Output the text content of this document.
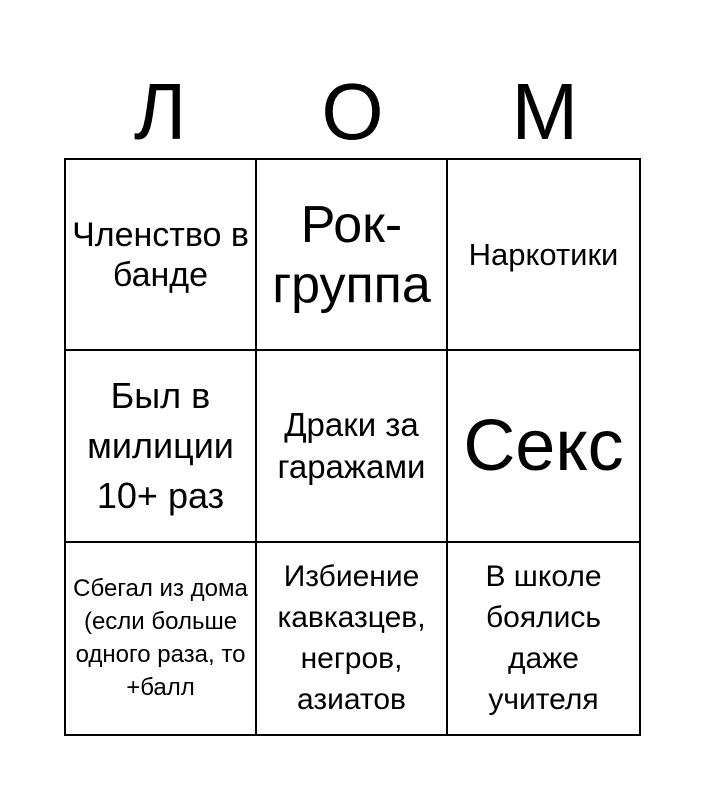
Л	О	М
Членство в банде
Рок-группа
Наркотики
Был в милиции 10+ раз
Драки за гаражами Секс
Сбегал из дома (если больше одного раза, то +балл
Избиение кавказцев, негров, азиатов
В школе боялись даже учителя
